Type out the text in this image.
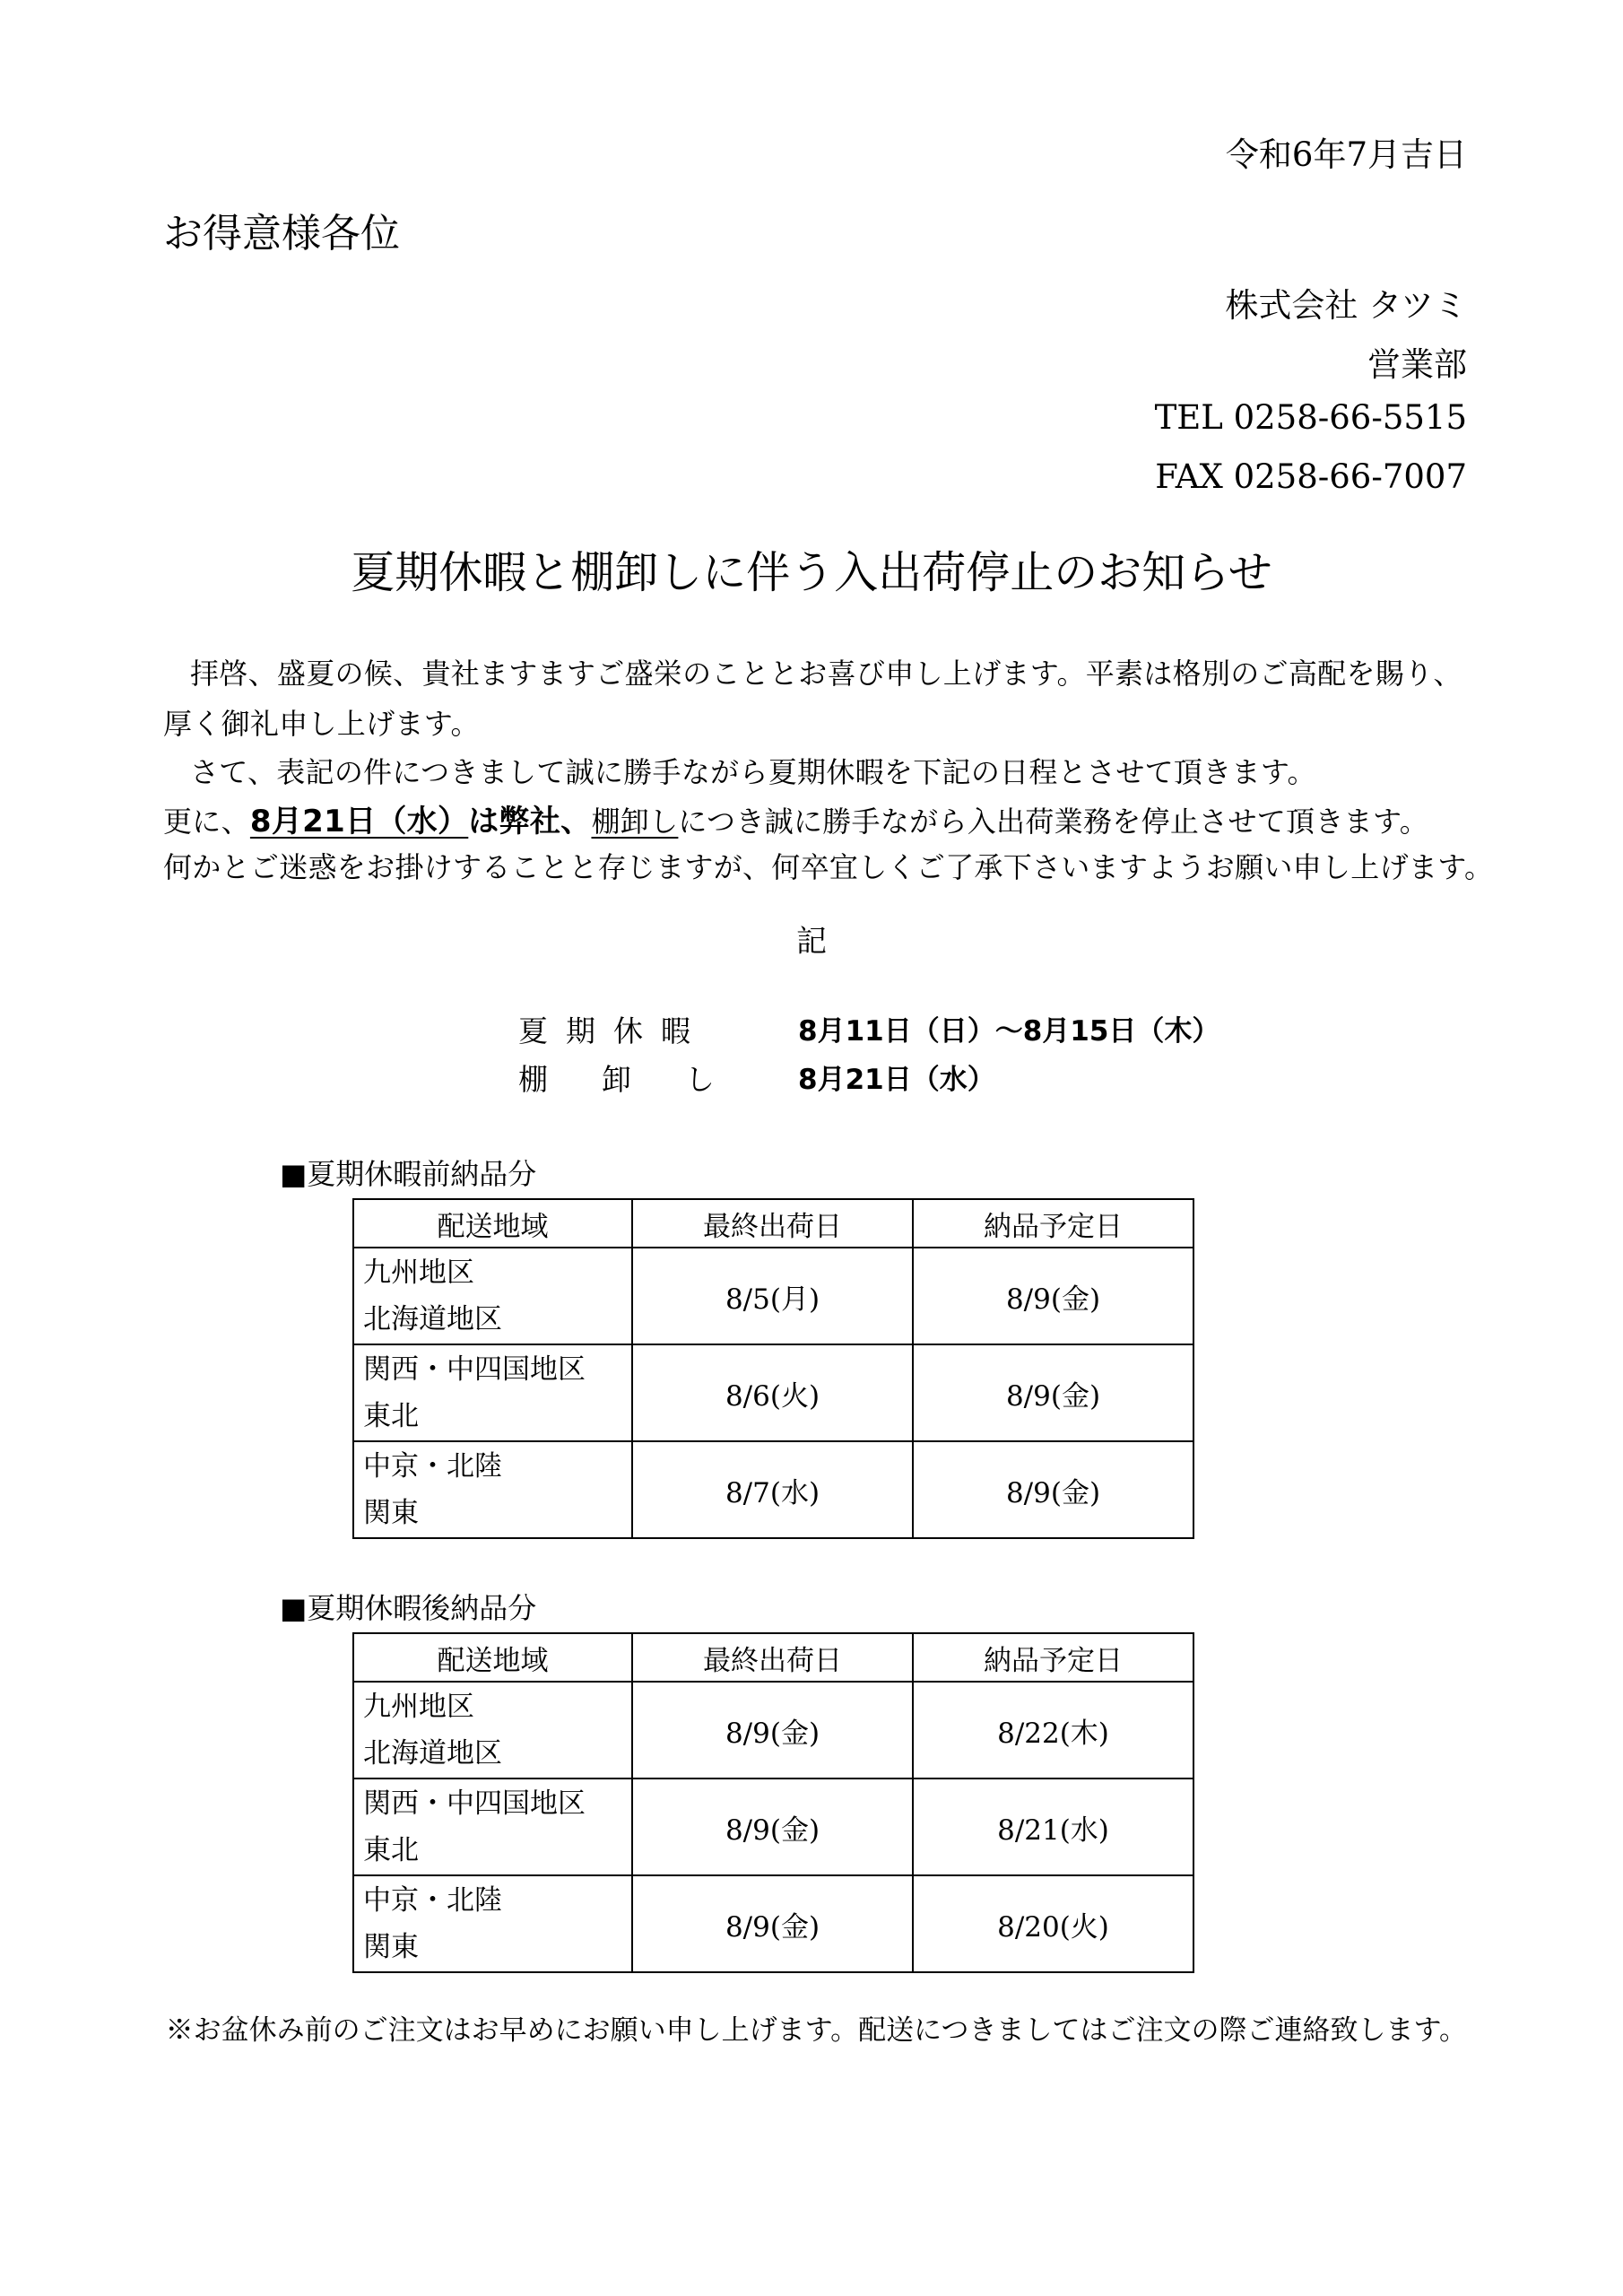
令和6年7月吉日
お得意様各位
株式会社 タツミ
営業部
TEL 0258-66-5515
FAX 0258-66-7007
夏期休暇と棚卸しに伴う入出荷停止のお知らせ
拝啓、盛夏の候、貴社ますますご盛栄のこととお喜び申し上げます。平素は格別のご高配を賜り、
厚く御礼申し上げます。
さて、表記の件につきまして誠に勝手ながら夏期休暇を下記の日程とさせて頂きます。
更に、8月21日（水）は弊社、棚卸しにつき誠に勝手ながら入出荷業務を停止させて頂きます。
何かとご迷惑をお掛けすることと存じますが、何卒宜しくご了承下さいますようお願い申し上げます。
記
夏期休暇	8月11日（日）～8月15日（木）
棚卸し 8月21日（水）
■夏期休暇前納品分
配送地域	最終出荷日	納品予定日

九州地区
北海道地区	8/5(月)	8/9(金)

関西・中四国地区
東北	8/6(火)	8/9(金)

中京・北陸
関東	8/7(水)	8/9(金)
■夏期休暇後納品分
配送地域	最終出荷日	納品予定日

九州地区
北海道地区	8/9(金)	8/22(木)

関西・中四国地区
東北	8/9(金)	8/21(水)

中京・北陸
関東	8/9(金)	8/20(火)
※お盆休み前のご注文はお早めにお願い申し上げます。配送につきましてはご注文の際ご連絡致します。
